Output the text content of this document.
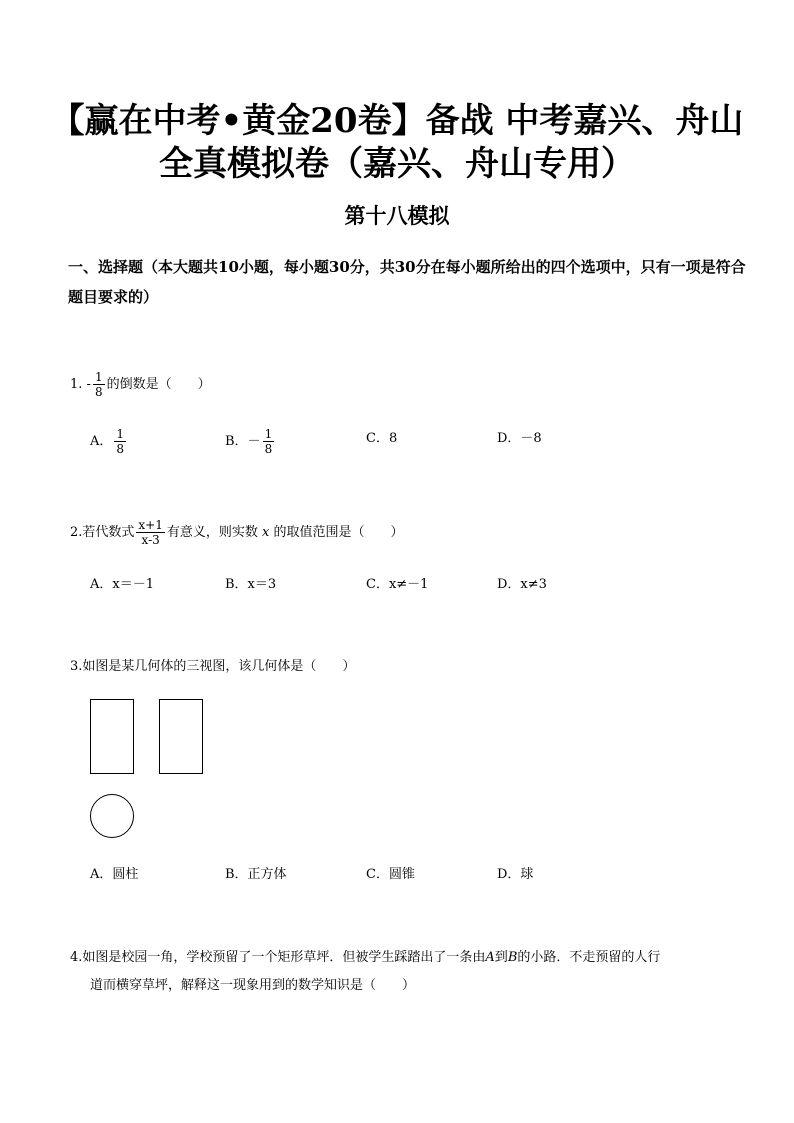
【赢在中考•黄金20卷】备战 中考嘉兴、舟山
全真模拟卷（嘉兴、舟山专用）
第十八模拟
一、选择题（本大题共10小题，每小题30分，共30分在每小题所给出的四个选项中，只有一项是符合题目要求的）
1. - $\frac{1}{8}$ 的倒数是（　　）
A． $\frac{1}{8}$	B．－ $\frac{1}{8}$	C．8	D．－8
2.若代数式 $\frac{x+1}{x-3}$ 有意义，则实数 x 的取值范围是（　　）
A．x＝－1	B．x＝3	C．x≠－1	D．x≠3
3.如图是某几何体的三视图，该几何体是（　　）
A．圆柱	B．正方体	C．圆锥	D．球
4.如图是校园一角，学校预留了一个矩形草坪．但被学生踩踏出了一条由A到B的小路．不走预留的人行
道而横穿草坪，解释这一现象用到的数学知识是（　　）
